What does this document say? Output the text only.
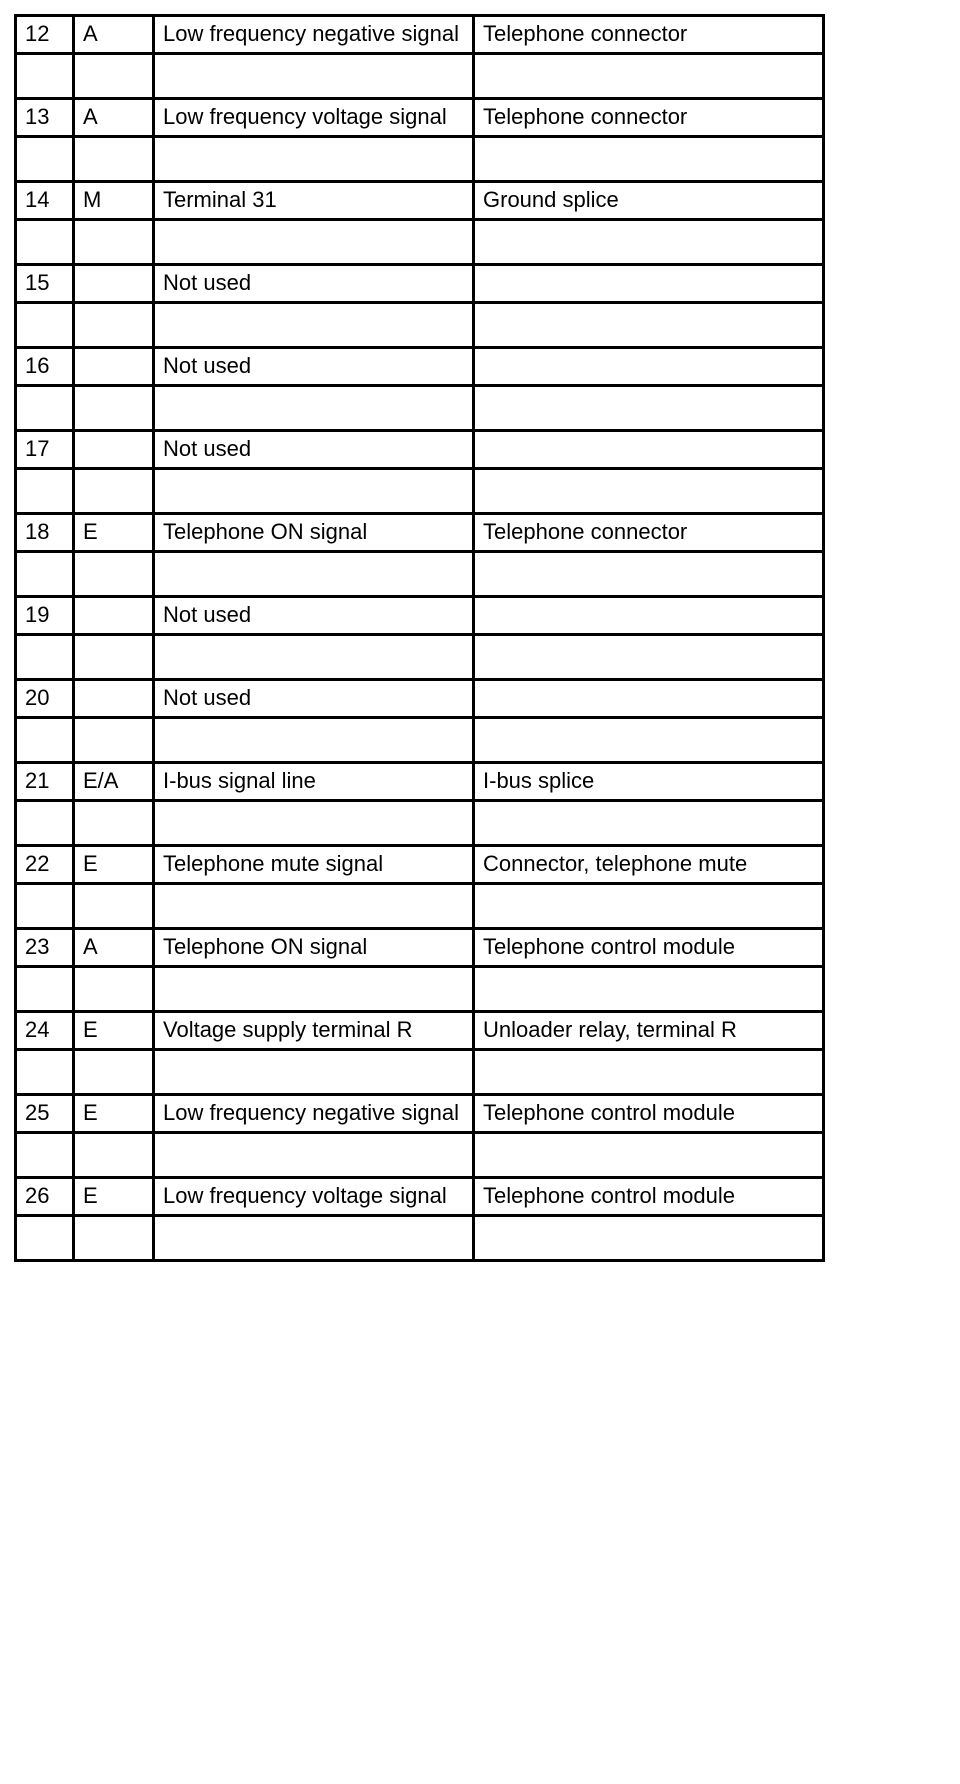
12	A	Low frequency negative signal	Telephone connector

13	A	Low frequency voltage signal	Telephone connector

14	M	Terminal 31	Ground splice

15		Not used	

16		Not used	

17		Not used	

18	E	Telephone ON signal	Telephone connector

19		Not used	

20		Not used	

21	E/A	I-bus signal line	I-bus splice

22	E	Telephone mute signal	Connector, telephone mute

23	A	Telephone ON signal	Telephone control module

24	E	Voltage supply terminal R	Unloader relay, terminal R

25	E	Low frequency negative signal	Telephone control module

26	E	Low frequency voltage signal	Telephone control module
